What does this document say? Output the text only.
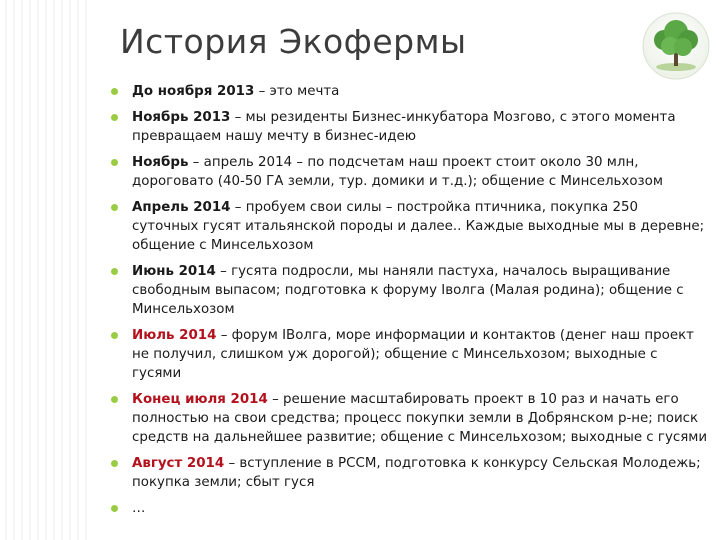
История Экофермы
До ноября 2013 – это мечта
Ноябрь 2013 – мы резиденты Бизнес-инкубатора Мозгово, с этого момента превращаем нашу мечту в бизнес-идею
Ноябрь – апрель 2014 – по подсчетам наш проект стоит около 30 млн, дороговато (40-50 ГА земли, тур. домики и т.д.); общение с Минсельхозом
Апрель 2014 – пробуем свои силы – постройка птичника, покупка 250 суточных гусят итальянской породы и далее.. Каждые выходные мы в деревне; общение с Минсельхозом
Июнь 2014 – гусята подросли, мы наняли пастуха, началось выращивание свободным выпасом; подготовка к форуму Іволга (Малая родина); общение с Минсельхозом
Июль 2014 – форум ІВолга, море информации и контактов (денег наш проект не получил, слишком уж дорогой); общение с Минсельхозом; выходные с гусями
Конец июля 2014 – решение масштабировать проект в 10 раз и начать его полностью на свои средства; процесс покупки земли в Добрянском р-не; поиск средств на дальнейшее развитие; общение с Минсельхозом; выходные с гусями
Август 2014 – вступление в РССМ, подготовка к конкурсу Сельская Молодежь; покупка земли; сбыт гуся
…
